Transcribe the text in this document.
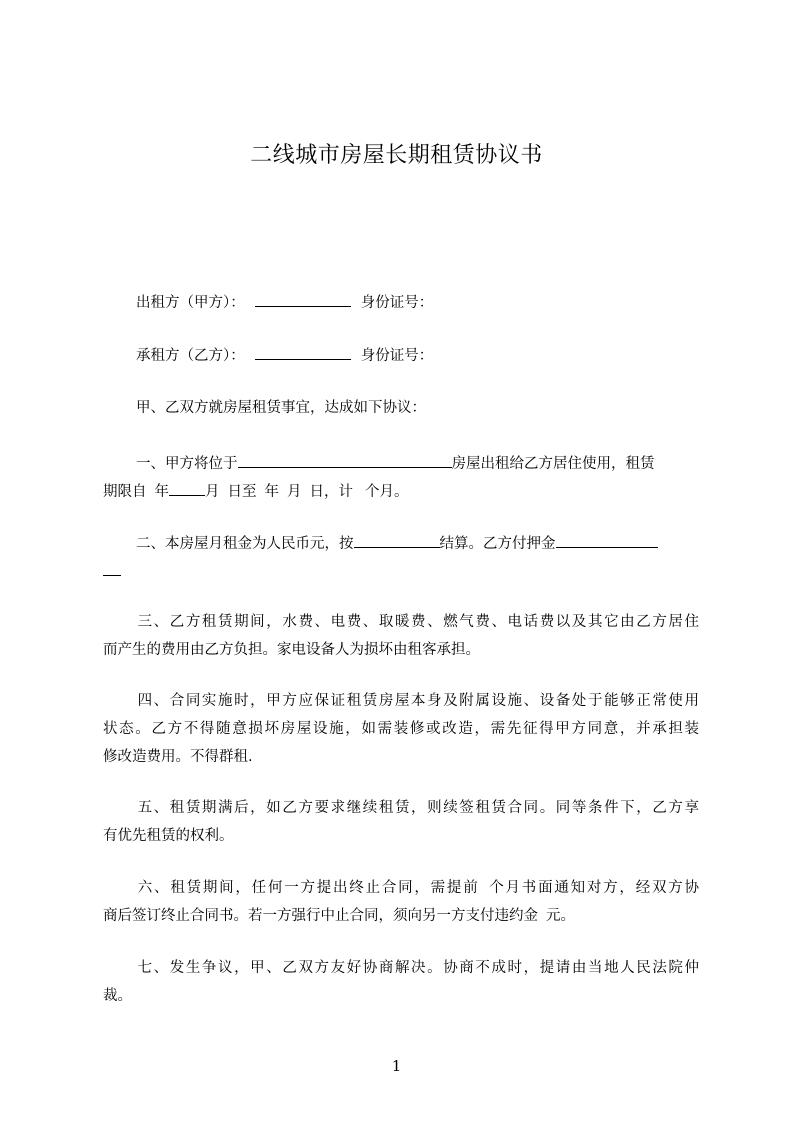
二线城市房屋长期租赁协议书
出租方（甲方）：	身份证号：
承租方（乙方）：	身份证号：
甲、乙双方就房屋租赁事宜，达成如下协议：
一、甲方将位于	房屋出租给乙方居住使用，租赁
期限自 年 月 日至 年 月 日，计 个月。
二、本房屋月租金为人民币元，按	结算。乙方付押金
三、乙方租赁期间，水费、电费、取暖费、燃气费、电话费以及其它由乙方居住
而产生的费用由乙方负担。家电设备人为损坏由租客承担。
四、合同实施时，甲方应保证租赁房屋本身及附属设施、设备处于能够正常使用
状态。乙方不得随意损坏房屋设施，如需装修或改造，需先征得甲方同意，并承担装
修改造费用。不得群租.
五、租赁期满后，如乙方要求继续租赁，则续签租赁合同。同等条件下，乙方享
有优先租赁的权利。
六、租赁期间，任何一方提出终止合同，需提前 个月书面通知对方，经双方协
商后签订终止合同书。若一方强行中止合同，须向另一方支付违约金 元。
七、发生争议，甲、乙双方友好协商解决。协商不成时，提请由当地人民法院仲
裁。
1
